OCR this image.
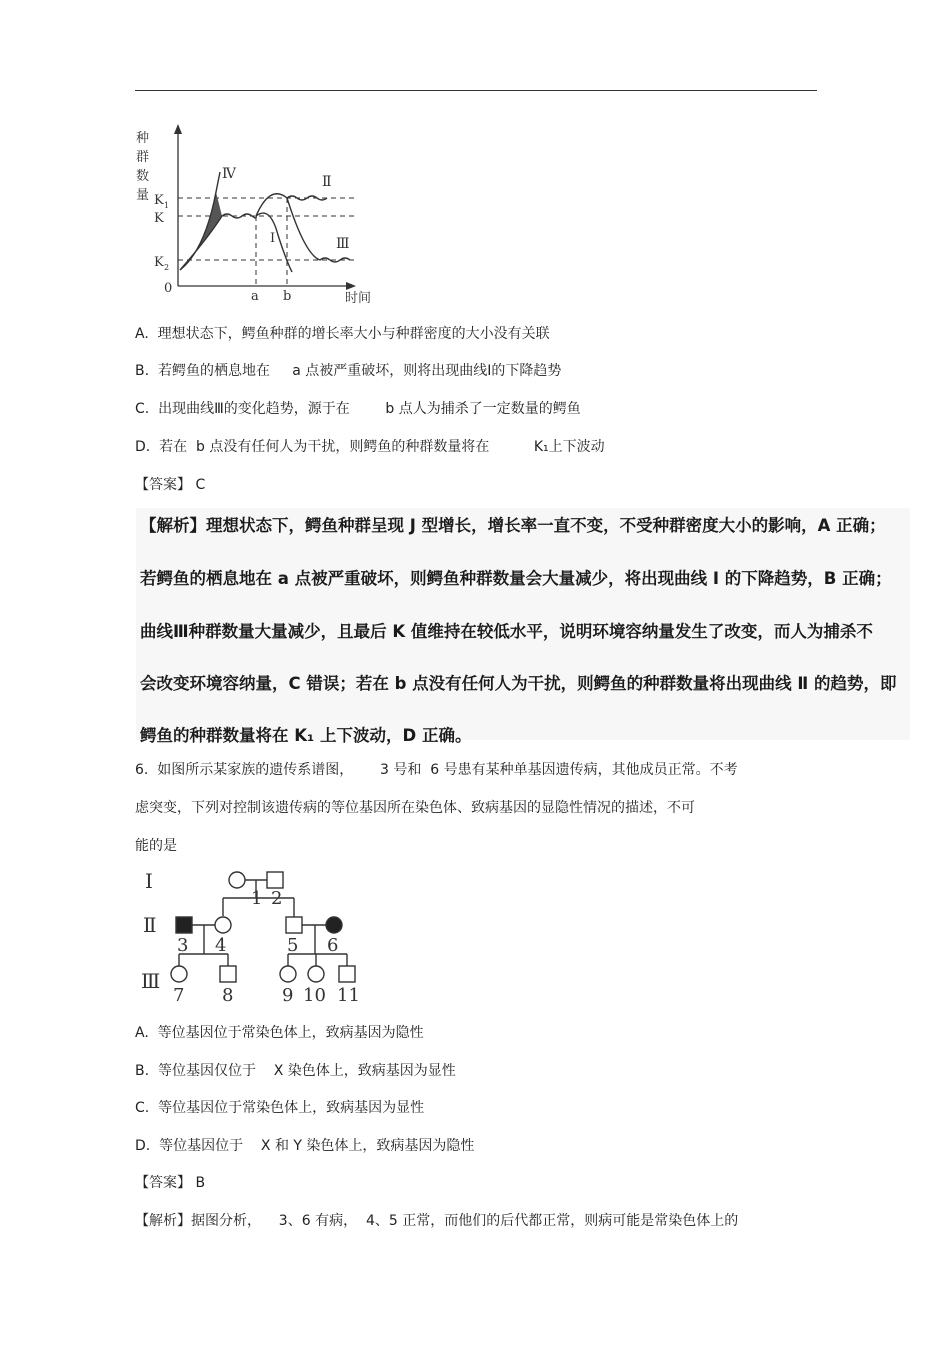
种
群
数
量 K 1
K
K 2
0
Ⅳ	Ⅱ
Ⅰ	Ⅲ
a b	时间
A.  理想状态下，鳄鱼种群的增长率大小与种群密度的大小没有关联
B.  若鳄鱼的栖息地在     a 点被严重破坏，则将出现曲线Ⅰ的下降趋势
C.  出现曲线Ⅲ的变化趋势，源于在        b 点人为捕杀了一定数量的鳄鱼
D.  若在  b 点没有任何人为干扰，则鳄鱼的种群数量将在          K₁上下波动
【答案】 C
【解析】理想状态下，鳄鱼种群呈现 J 型增长，增长率一直不变，不受种群密度大小的影响，A 正确；
若鳄鱼的栖息地在 a 点被严重破坏，则鳄鱼种群数量会大量减少，将出现曲线 Ⅰ 的下降趋势，B 正确；
曲线Ⅲ种群数量大量减少，且最后 K 值维持在较低水平，说明环境容纳量发生了改变，而人为捕杀不
会改变环境容纳量，C 错误；若在 b 点没有任何人为干扰，则鳄鱼的种群数量将出现曲线 Ⅱ 的趋势，即
鳄鱼的种群数量将在 K₁ 上下波动，D 正确。
6.  如图所示某家族的遗传系谱图，      3 号和  6 号患有某种单基因遗传病，其他成员正常。不考
虑突变，下列对控制该遗传病的等位基因所在染色体、致病基因的显隐性情况的描述，不可
能的是
Ⅰ
Ⅱ
Ⅲ
1 2
3 4	5 6
7 8	9 10 11
A.  等位基因位于常染色体上，致病基因为隐性
B.  等位基因仅位于    X 染色体上，致病基因为显性
C.  等位基因位于常染色体上，致病基因为显性
D.  等位基因位于    X 和 Y 染色体上，致病基因为隐性
【答案】 B
【解析】据图分析，    3、6 有病，  4、5 正常，而他们的后代都正常，则病可能是常染色体上的
